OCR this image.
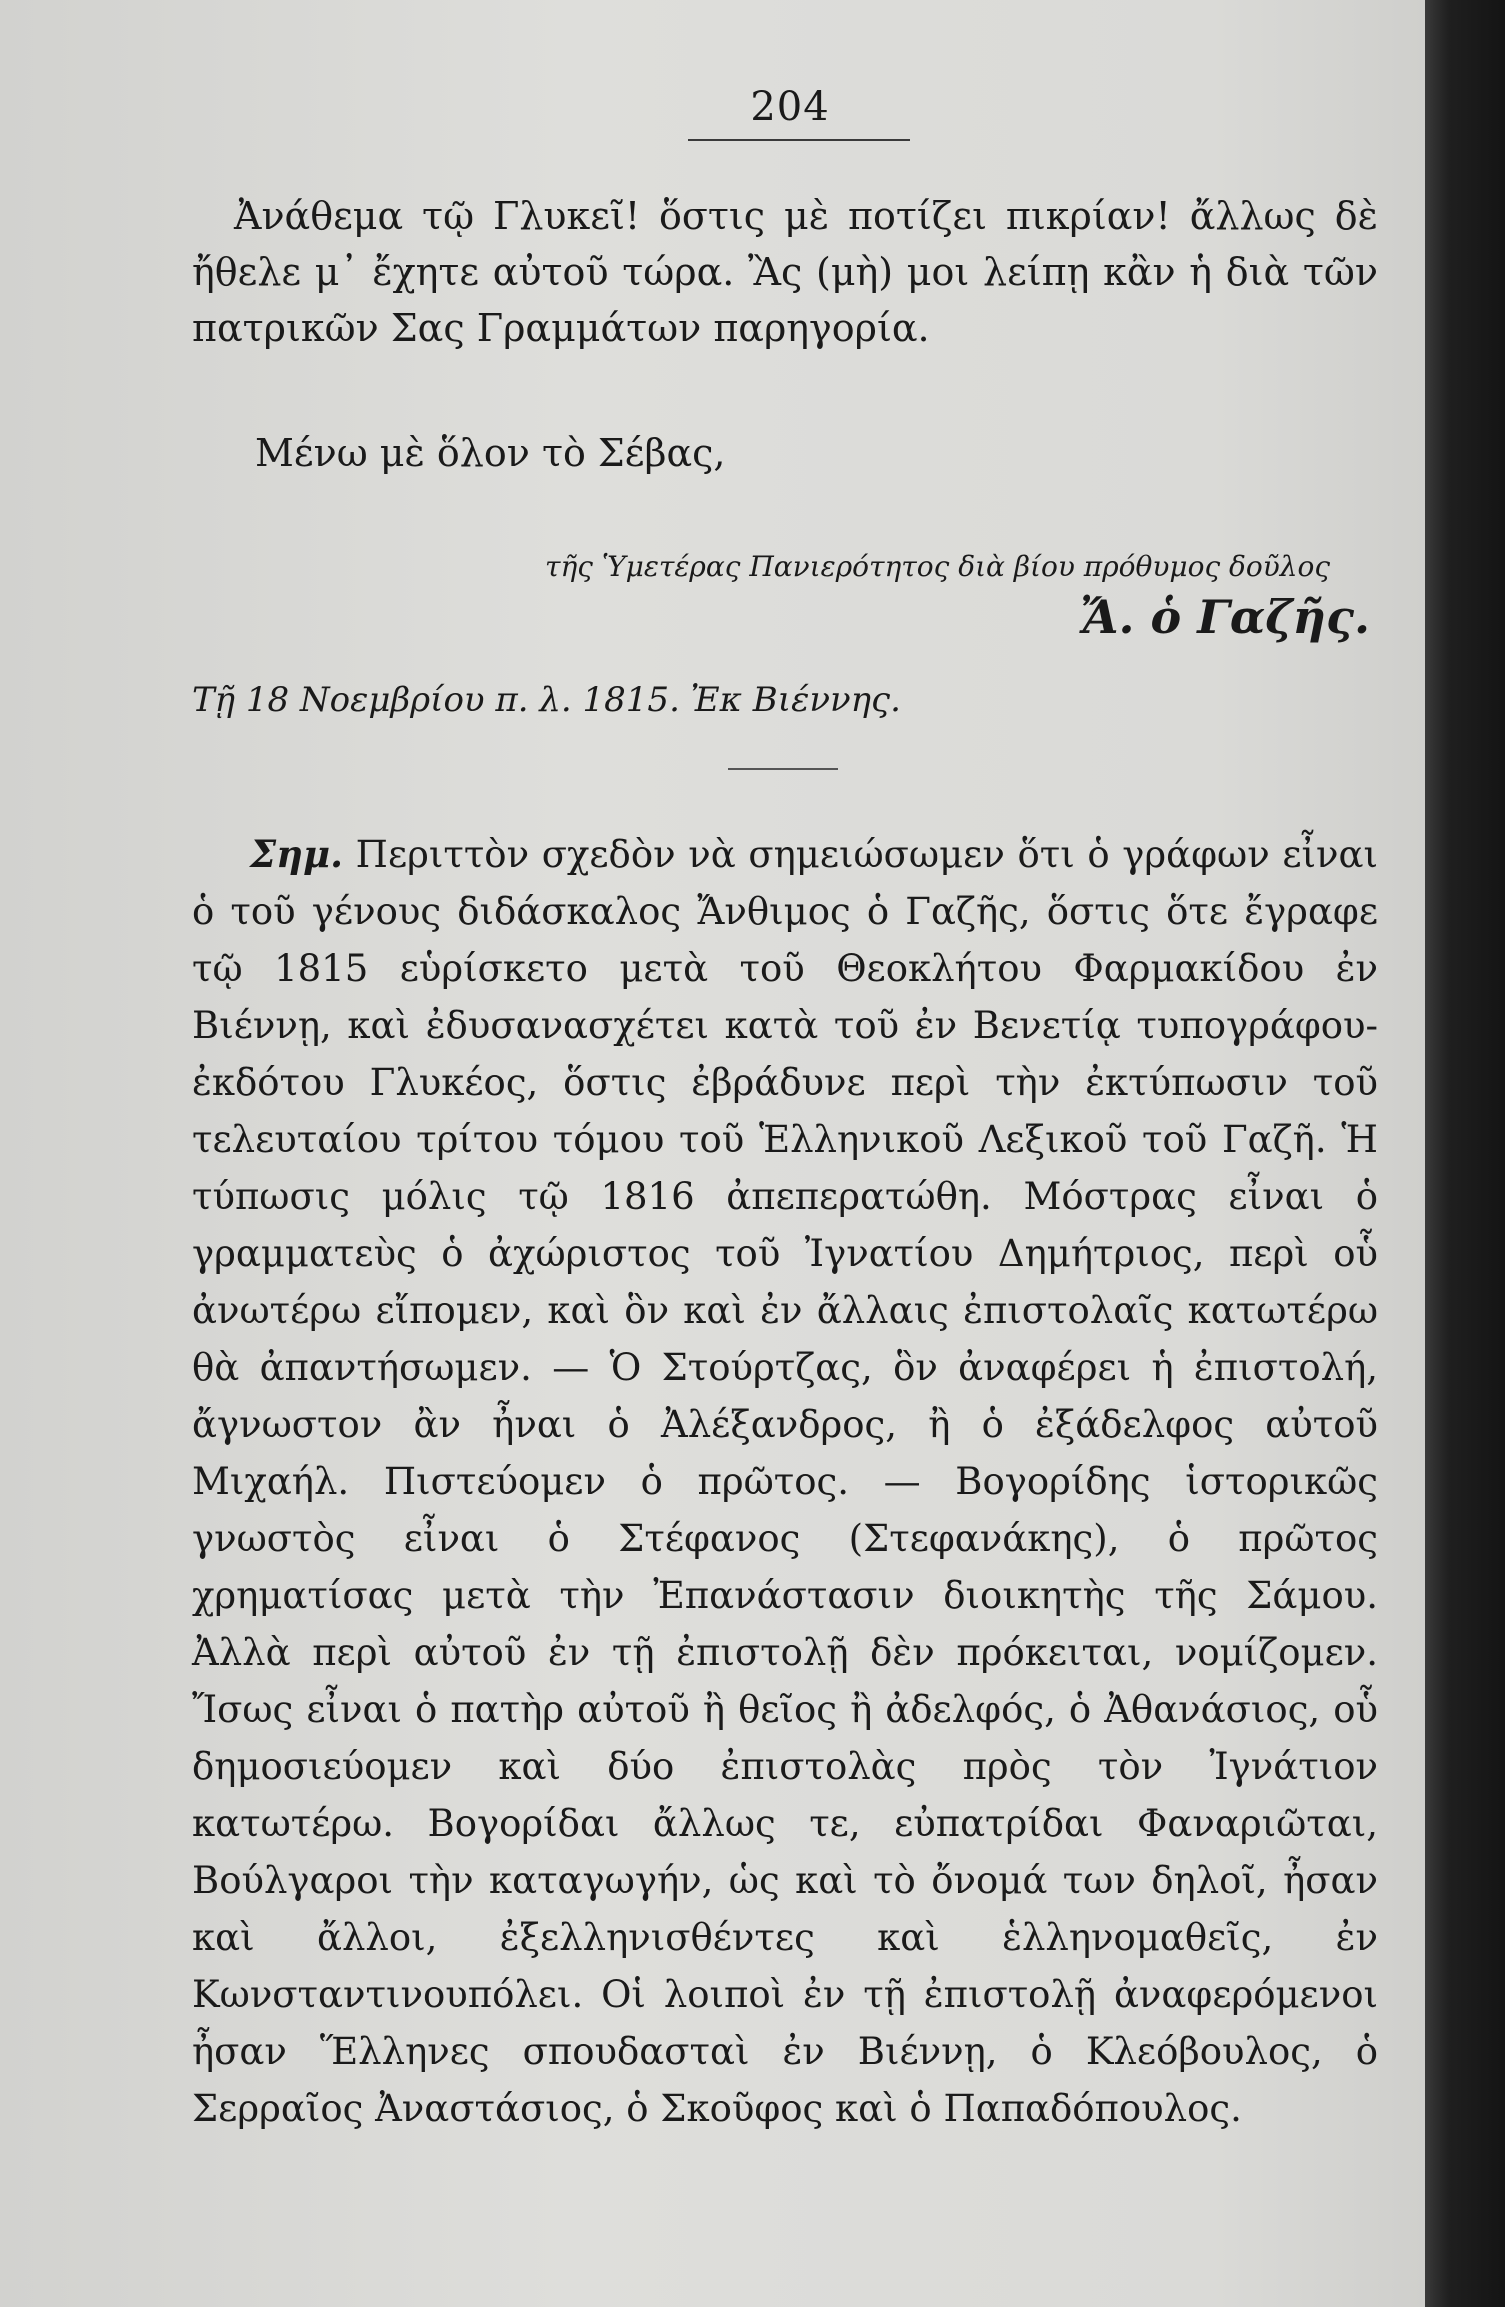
204
Ἀνάθεμα τῷ Γλυκεῖ! ὅστις μὲ ποτίζει πικρίαν! ἄλλως δὲ ἤθελε μ᾽ ἔχητε αὐτοῦ τώρα. Ἂς (μὴ) μοι λείπῃ κἂν ἡ διὰ τῶν πατρικῶν Σας Γραμμάτων παρηγορία.
Μένω μὲ ὅλον τὸ Σέβας,
τῆς Ὑμετέρας Πανιερότητος διὰ βίου πρόθυμος δοῦλος
Ἄ. ὁ Γαζῆς.
Τῇ 18 Νοεμβρίου π. λ. 1815. Ἐκ Βιέννης.
Σημ. Περιττὸν σχεδὸν νὰ σημειώσωμεν ὅτι ὁ γράφων εἶναι ὁ τοῦ γένους διδάσκαλος Ἄνθιμος ὁ Γαζῆς, ὅστις ὅτε ἔγραφε τῷ 1815 εὑρίσκετο μετὰ τοῦ Θεοκλήτου Φαρμακίδου ἐν Βιέννῃ, καὶ ἐδυσανασχέτει κατὰ τοῦ ἐν Βενετίᾳ τυπογράφου-ἐκδότου Γλυκέος, ὅστις ἐβράδυνε περὶ τὴν ἐκτύπωσιν τοῦ τελευταίου τρίτου τόμου τοῦ Ἑλληνικοῦ Λεξικοῦ τοῦ Γαζῆ. Ἡ τύπωσις μόλις τῷ 1816 ἀπεπερατώθη. Μόστρας εἶναι ὁ γραμματεὺς ὁ ἀχώριστος τοῦ Ἰγνατίου Δημήτριος, περὶ οὗ ἀνωτέρω εἴπομεν, καὶ ὃν καὶ ἐν ἄλλαις ἐπιστολαῖς κατωτέρω θὰ ἀπαντήσωμεν. — Ὁ Στούρτζας, ὃν ἀναφέρει ἡ ἐπιστολή, ἄγνωστον ἂν ἦναι ὁ Ἀλέξανδρος, ἢ ὁ ἐξάδελφος αὐτοῦ Μιχαήλ. Πιστεύομεν ὁ πρῶτος. — Βογορίδης ἱστορικῶς γνωστὸς εἶναι ὁ Στέφανος (Στεφανάκης), ὁ πρῶτος χρηματίσας μετὰ τὴν Ἐπανάστασιν διοικητὴς τῆς Σάμου. Ἀλλὰ περὶ αὐτοῦ ἐν τῇ ἐπιστολῇ δὲν πρόκειται, νομίζομεν. Ἴσως εἶναι ὁ πατὴρ αὐτοῦ ἢ θεῖος ἢ ἀδελφός, ὁ Ἀθανάσιος, οὗ δημοσιεύομεν καὶ δύο ἐπιστολὰς πρὸς τὸν Ἰγνάτιον κατωτέρω. Βογορίδαι ἄλλως τε, εὐπατρίδαι Φαναριῶται, Βούλγαροι τὴν καταγωγήν, ὡς καὶ τὸ ὄνομά των δηλοῖ, ἦσαν καὶ ἄλλοι, ἐξελληνισθέντες καὶ ἑλληνομαθεῖς, ἐν Κωνσταντινουπόλει. Οἱ λοιποὶ ἐν τῇ ἐπιστολῇ ἀναφερόμενοι ἦσαν Ἕλληνες σπουδασταὶ ἐν Βιέννῃ, ὁ Κλεόβουλος, ὁ Σερραῖος Ἀναστάσιος, ὁ Σκοῦφος καὶ ὁ Παπαδόπουλος.
